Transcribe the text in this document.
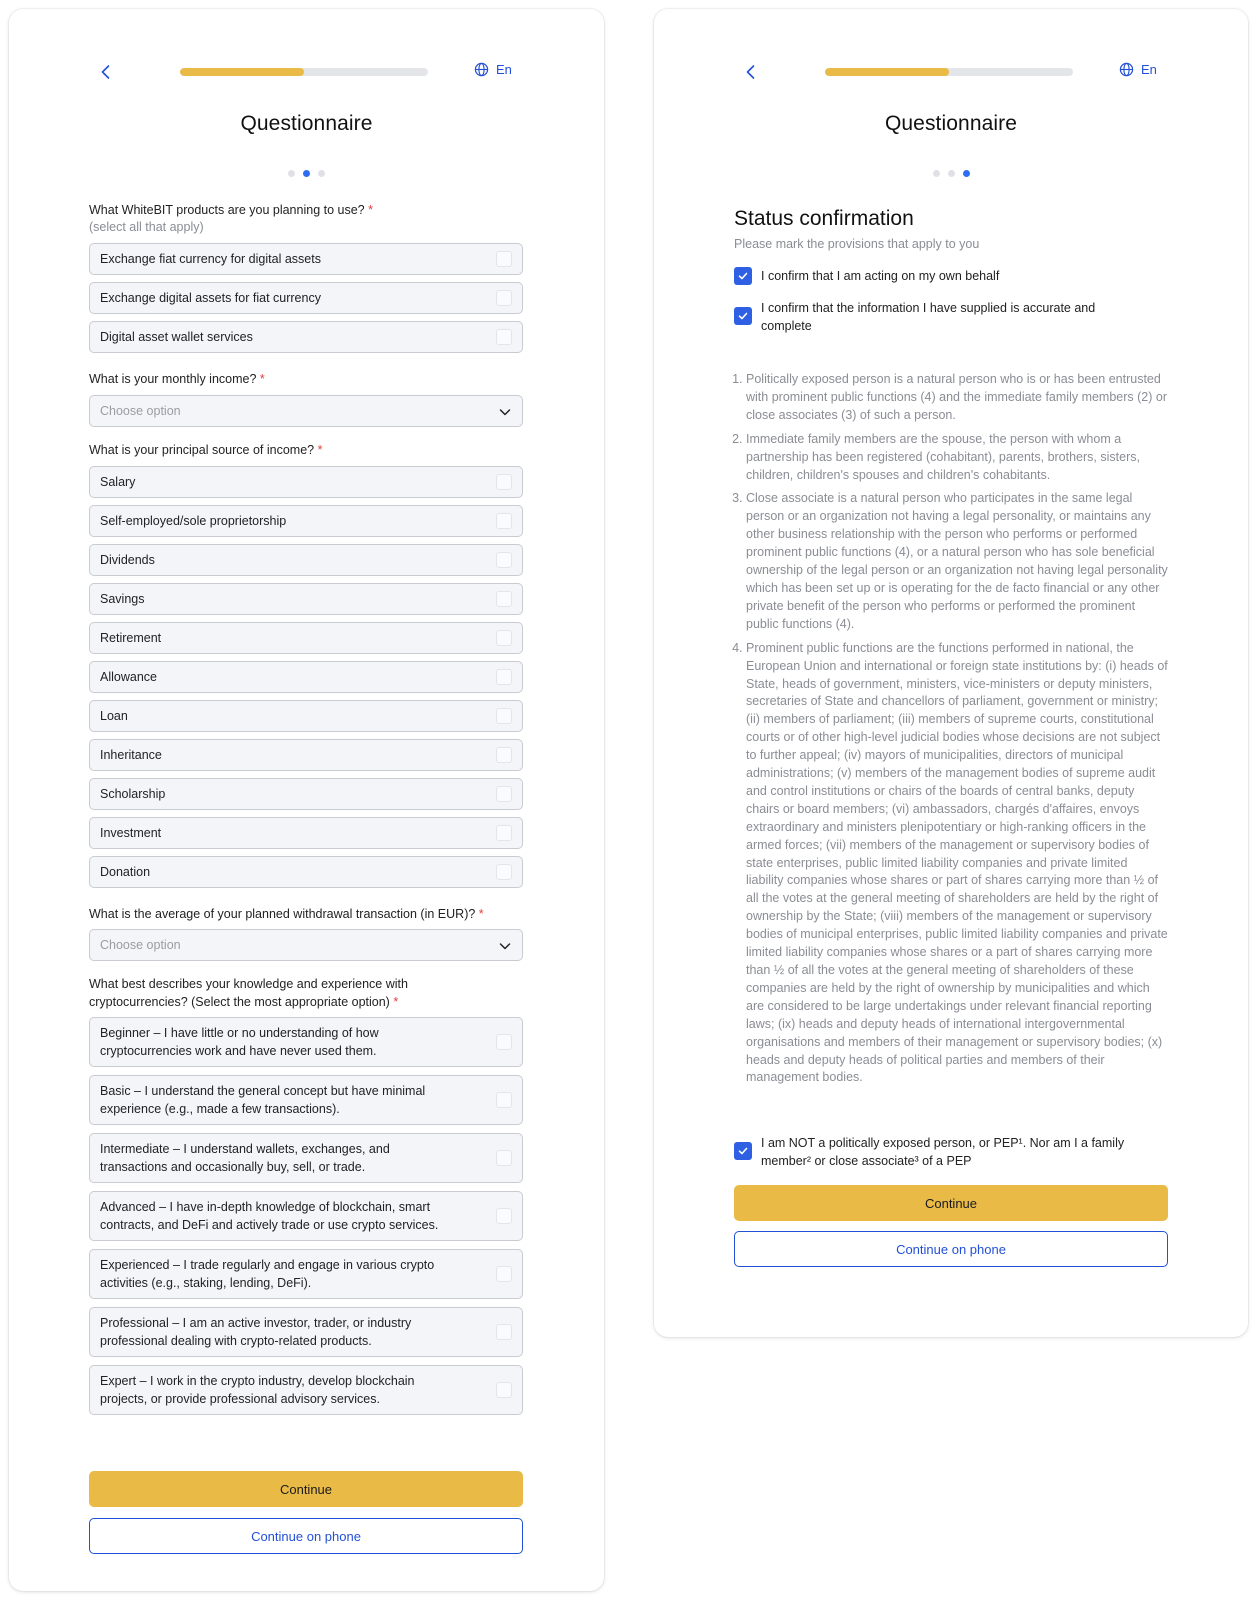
En
Questionnaire
What WhiteBIT products are you planning to use? *
(select all that apply)
Exchange fiat currency for digital assets
Exchange digital assets for fiat currency
Digital asset wallet services
What is your monthly income? *
Choose option
What is your principal source of income? *
Salary
Self-employed/sole proprietorship
Dividends
Savings
Retirement
Allowance
Loan
Inheritance
Scholarship
Investment
Donation
What is the average of your planned withdrawal transaction (in EUR)? *
Choose option
What best describes your knowledge and experience with
cryptocurrencies? (Select the most appropriate option) *
Beginner – I have little or no understanding of how
cryptocurrencies work and have never used them.
Basic – I understand the general concept but have minimal
experience (e.g., made a few transactions).
Intermediate – I understand wallets, exchanges, and
transactions and occasionally buy, sell, or trade.
Advanced – I have in-depth knowledge of blockchain, smart
contracts, and DeFi and actively trade or use crypto services.
Experienced – I trade regularly and engage in various crypto
activities (e.g., staking, lending, DeFi).
Professional – I am an active investor, trader, or industry
professional dealing with crypto-related products.
Expert – I work in the crypto industry, develop blockchain
projects, or provide professional advisory services.
Continue
Continue on phone
En
Questionnaire
Status confirmation
Please mark the provisions that apply to you
I confirm that I am acting on my own behalf
I confirm that the information I have supplied is accurate and complete
1. Politically exposed person is a natural person who is or has been entrusted with prominent public functions (4) and the immediate family members (2) or close associates (3) of such a person.
2. Immediate family members are the spouse, the person with whom a partnership has been registered (cohabitant), parents, brothers, sisters, children, children's spouses and children's cohabitants.
3. Close associate is a natural person who participates in the same legal person or an organization not having a legal personality, or maintains any other business relationship with the person who performs or performed prominent public functions (4), or a natural person who has sole beneficial ownership of the legal person or an organization not having legal personality which has been set up or is operating for the de facto financial or any other private benefit of the person who performs or performed the prominent public functions (4).
4. Prominent public functions are the functions performed in national, the European Union and international or foreign state institutions by: (i) heads of State, heads of government, ministers, vice-ministers or deputy ministers, secretaries of State and chancellors of parliament, government or ministry; (ii) members of parliament; (iii) members of supreme courts, constitutional courts or of other high-level judicial bodies whose decisions are not subject to further appeal; (iv) mayors of municipalities, directors of municipal administrations; (v) members of the management bodies of supreme audit and control institutions or chairs of the boards of central banks, deputy chairs or board members; (vi) ambassadors, chargés d'affaires, envoys extraordinary and ministers plenipotentiary or high-ranking officers in the armed forces; (vii) members of the management or supervisory bodies of state enterprises, public limited liability companies and private limited liability companies whose shares or part of shares carrying more than ½ of all the votes at the general meeting of shareholders are held by the right of ownership by the State; (viii) members of the management or supervisory bodies of municipal enterprises, public limited liability companies and private limited liability companies whose shares or a part of shares carrying more than ½ of all the votes at the general meeting of shareholders of these companies are held by the right of ownership by municipalities and which are considered to be large undertakings under relevant financial reporting laws; (ix) heads and deputy heads of international intergovernmental organisations and members of their management or supervisory bodies; (x) heads and deputy heads of political parties and members of their management bodies.
I am NOT a politically exposed person, or PEP¹. Nor am I a family
member² or close associate³ of a PEP
Continue
Continue on phone
